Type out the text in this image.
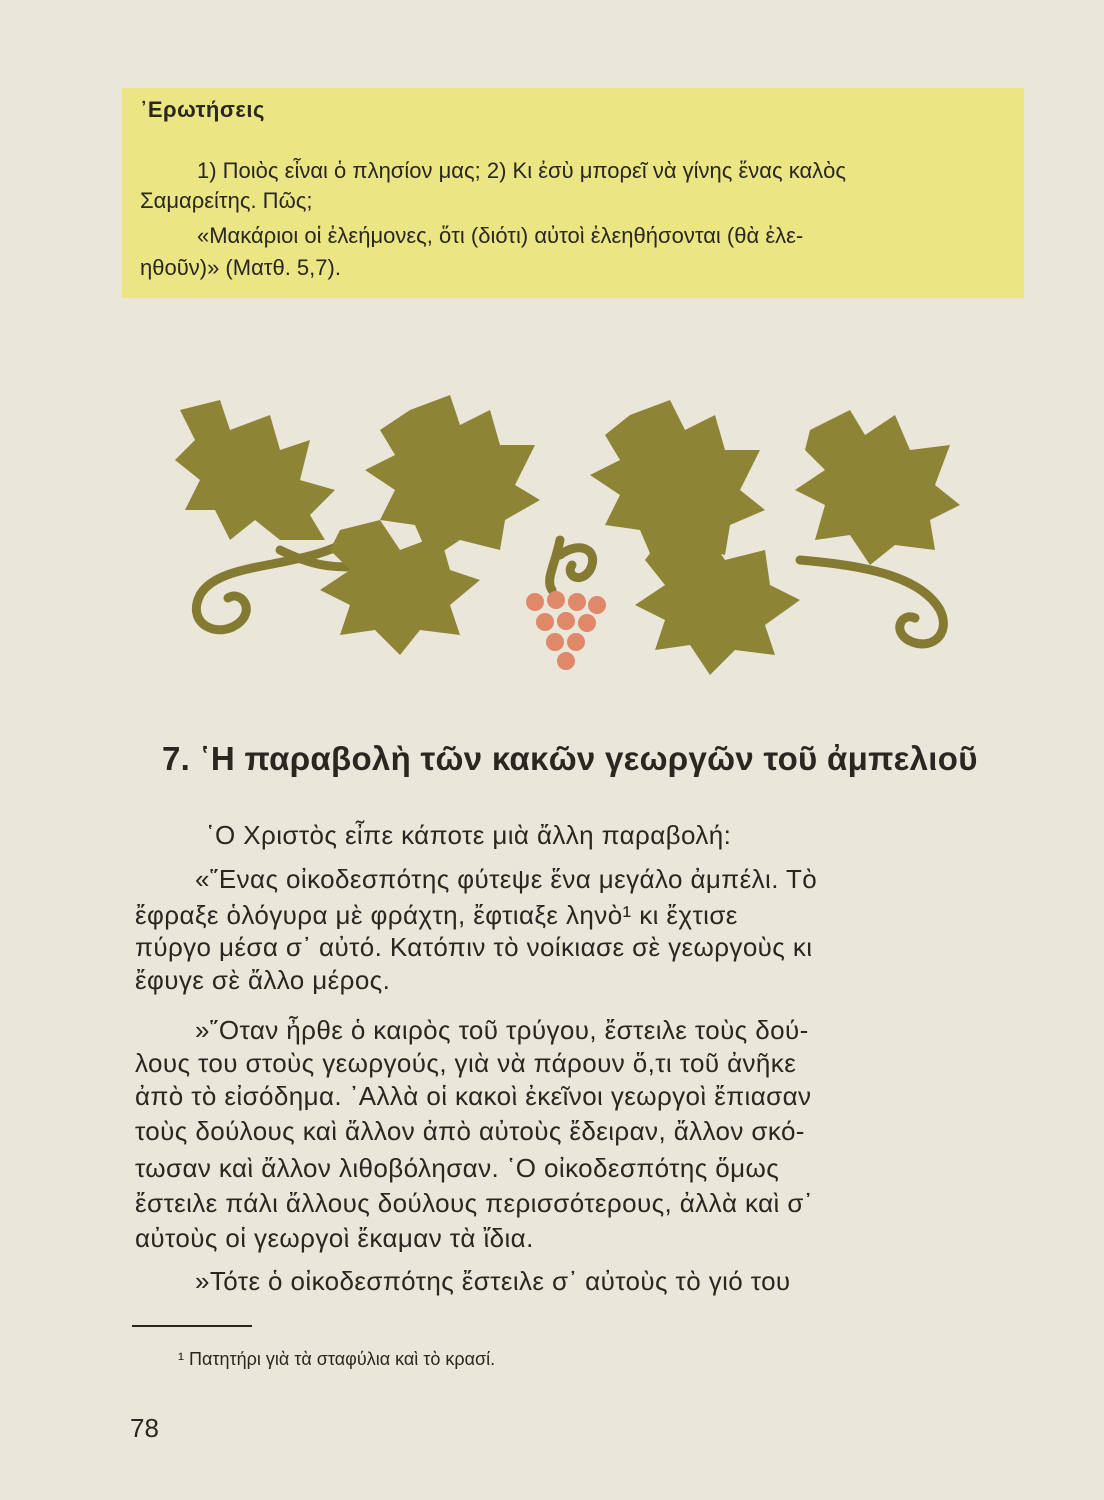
᾿Ερωτήσεις
1) Ποιὸς εἶναι ὁ πλησίον μας; 2) Κι ἐσὺ μπορεῖ νὰ γίνης ἕνας καλὸς
Σαμαρείτης. Πῶς;
«Μακάριοι οἱ ἐλεήμονες, ὅτι (διότι) αὐτοὶ ἐλεηθήσονται (θὰ ἐλε-
ηθοῦν)» (Ματθ. 5,7).
7. ῾Η παραβολὴ τῶν κακῶν γεωργῶν τοῦ ἀμπελιοῦ
῾Ο Χριστὸς εἶπε κάποτε μιὰ ἄλλη παραβολή:
«῞Ενας οἰκοδεσπότης φύτεψε ἕνα μεγάλο ἀμπέλι. Τὸ
ἔφραξε ὁλόγυρα μὲ φράχτη, ἔφτιαξε ληνὸ¹ κι ἔχτισε
πύργο μέσα σ᾿ αὐτό. Κατόπιν τὸ νοίκιασε σὲ γεωργοὺς κι
ἔφυγε σὲ ἄλλο μέρος.
»῞Οταν ἦρθε ὁ καιρὸς τοῦ τρύγου, ἔστειλε τοὺς δού-
λους του στοὺς γεωργούς, γιὰ νὰ πάρουν ὅ,τι τοῦ ἀνῆκε
ἀπὸ τὸ εἰσόδημα. ᾿Αλλὰ οἱ κακοὶ ἐκεῖνοι γεωργοὶ ἔπιασαν
τοὺς δούλους καὶ ἄλλον ἀπὸ αὐτοὺς ἔδειραν, ἄλλον σκό-
τωσαν καὶ ἄλλον λιθοβόλησαν. ῾Ο οἰκοδεσπότης ὅμως
ἔστειλε πάλι ἄλλους δούλους περισσότερους, ἀλλὰ καὶ σ᾿
αὐτοὺς οἱ γεωργοὶ ἔκαμαν τὰ ἴδια.
»Τότε ὁ οἰκοδεσπότης ἔστειλε σ᾿ αὐτοὺς τὸ γιό του
¹ Πατητήρι γιὰ τὰ σταφύλια καὶ τὸ κρασί.
78
